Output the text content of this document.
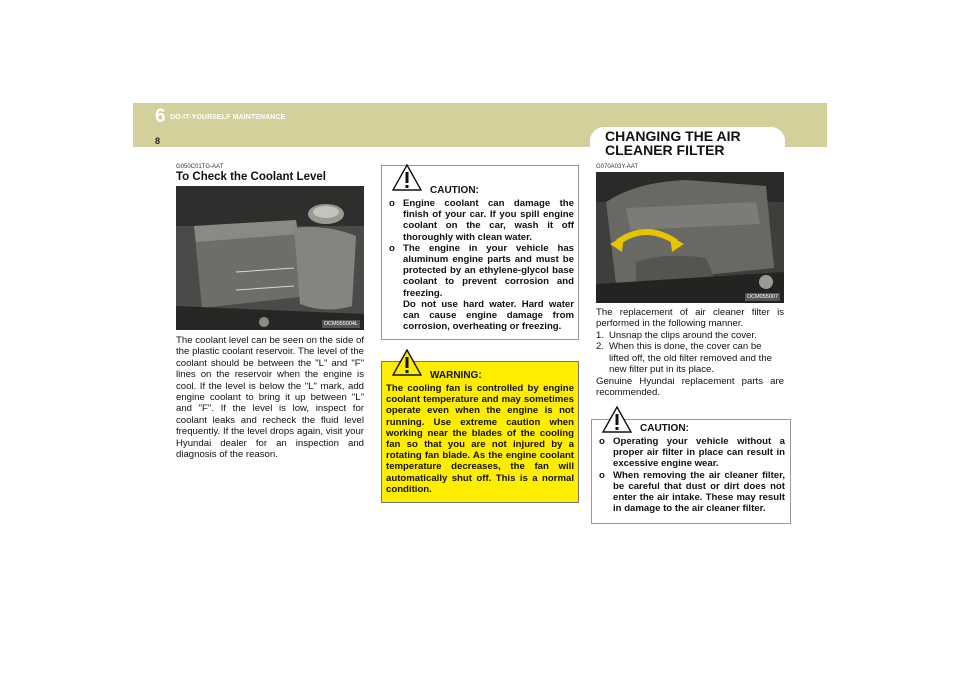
6 DO-IT-YOURSELF MAINTENANCE
8	CHANGING THE AIR
CLEANER FILTER
G050C01TG-AAT
To Check the Coolant Level
OCM055004L
The coolant level can be seen on the side of the plastic coolant reservoir. The level of the coolant should be between the "L" and "F" lines on the reservoir when the engine is cool. If the level is below the "L" mark, add engine coolant to bring it up between "L" and "F". If the level is low, inspect for coolant leaks and recheck the fluid level frequently. If the level drops again, visit your Hyundai dealer for an inspection and diagnosis of the reason.
CAUTION:
o Engine coolant can damage the finish of your car. If you spill engine coolant on the car, wash it off thoroughly with clean water.
o The engine in your vehicle has aluminum engine parts and must be protected by an ethylene-glycol base coolant to prevent corrosion and freezing.
Do not use hard water. Hard water can cause engine damage from corrosion, overheating or freezing.
WARNING:
The cooling fan is controlled by engine coolant temperature and may sometimes operate even when the engine is not running. Use extreme caution when working near the blades of the cooling fan so that you are not injured by a rotating fan blade. As the engine coolant temperature decreases, the fan will automatically shut off. This is a normal condition.
G070A03Y-AAT
OCM055007
The replacement of air cleaner filter is performed in the following manner.
1. Unsnap the clips around the cover.
2. When this is done, the cover can be lifted off, the old filter removed and the new filter put in its place.
Genuine Hyundai replacement parts are recommended.
CAUTION:
o Operating your vehicle without a proper air filter in place can result in excessive engine wear.
o When removing the air cleaner filter, be careful that dust or dirt does not enter the air intake. These may result in damage to the air cleaner filter.
